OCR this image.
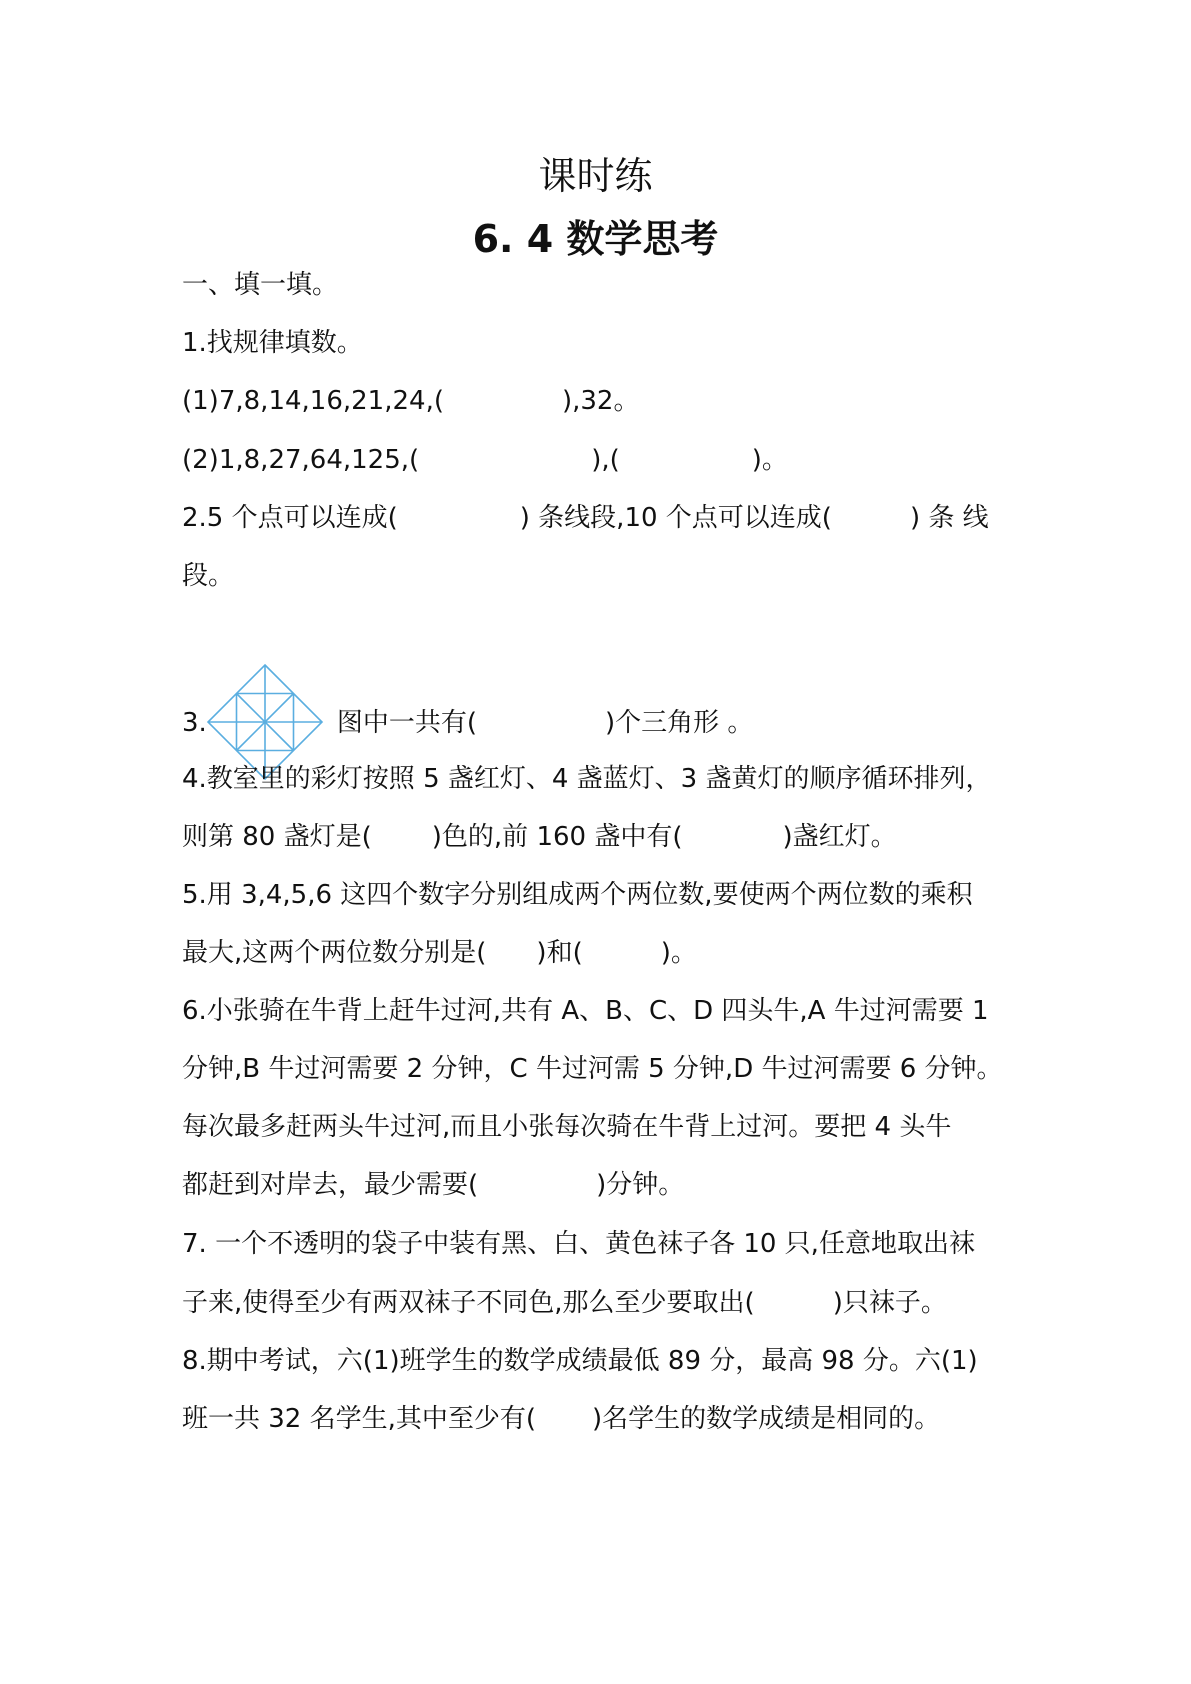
课时练
6. 4 数学思考
一、填一填。
1.找规律填数。
(1)7,8,14,16,21,24,(	),32。
(2)1,8,27,64,125,(	),(	)。
2.5 个点可以连成(	) 条线段,10 个点可以连成(	) 条 线
段。
3.	图中一共有(	)个三角形 。
4.教室里的彩灯按照 5 盏红灯、4 盏蓝灯、3 盏黄灯的顺序循环排列，
则第 80 盏灯是( )色的,前 160 盏中有(	)盏红灯。
5.用 3,4,5,6 这四个数字分别组成两个两位数,要使两个两位数的乘积
最大,这两个两位数分别是( )和(	)。
6.小张骑在牛背上赶牛过河,共有 A、B、C、D 四头牛,A 牛过河需要 1
分钟,B 牛过河需要 2 分钟，C 牛过河需 5 分钟,D 牛过河需要 6 分钟。
每次最多赶两头牛过河,而且小张每次骑在牛背上过河。要把 4 头牛
都赶到对岸去，最少需要(	)分钟。
7. 一个不透明的袋子中装有黑、白、黄色袜子各 10 只,任意地取出袜
子来,使得至少有两双袜子不同色,那么至少要取出(	)只袜子。
8.期中考试，六(1)班学生的数学成绩最低 89 分，最高 98 分。六(1)
班一共 32 名学生,其中至少有( )名学生的数学成绩是相同的。
